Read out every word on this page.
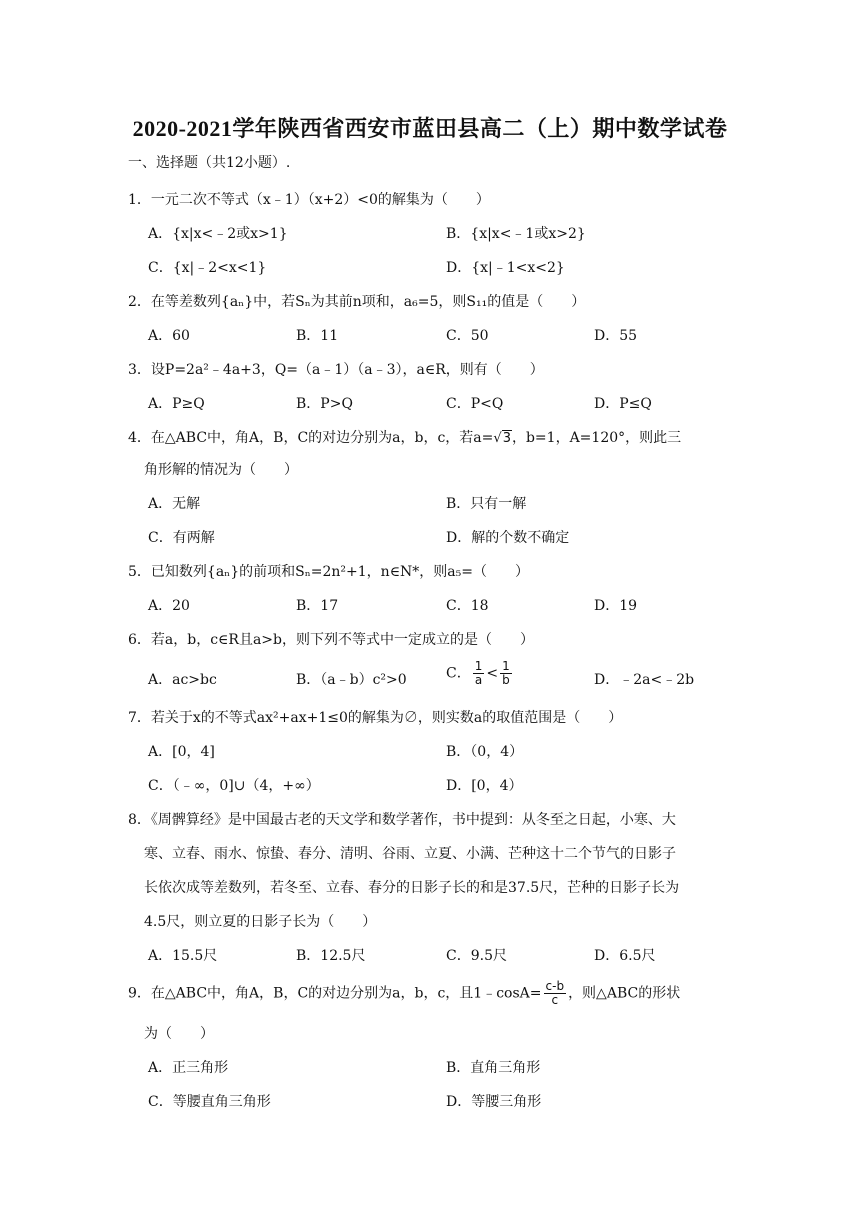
2020-2021学年陕西省西安市蓝田县高二（上）期中数学试卷
一、选择题（共12小题）.
1．一元二次不等式（x﹣1）（x+2）<0的解集为（　　）
A．{x|x<﹣2或x>1}	B．{x|x<﹣1或x>2}
C．{x|﹣2<x<1}	D．{x|﹣1<x<2}
2．在等差数列{aₙ}中，若Sₙ为其前n项和，a₆=5，则S₁₁的值是（　　）
A．60	B．11	C．50	D．55
3．设P=2a²﹣4a+3，Q=（a﹣1）（a﹣3），a∈R，则有（　　）
A．P≥Q	B．P>Q	C．P<Q	D．P≤Q
4．在△ABC中，角A，B，C的对边分别为a，b，c，若a=√3，b=1，A=120°，则此三
角形解的情况为（　　）
A．无解	B．只有一解
C．有两解	D．解的个数不确定
5．已知数列{aₙ}的前项和Sₙ=2n²+1，n∈N*，则a₅=（　　）
A．20	B．17	C．18	D．19
6．若a，b，c∈R且a>b，则下列不等式中一定成立的是（　　）
A．ac>bc	B．（a﹣b）c²>0	C． $\frac{1}{a} < \frac{1}{b}$	D．﹣2a<﹣2b
7．若关于x的不等式ax²+ax+1≤0的解集为∅，则实数a的取值范围是（　　）
A．[0，4]	B．（0，4）
C．（﹣∞，0]∪（4，+∞）	D．[0，4）
8．《周髀算经》是中国最古老的天文学和数学著作，书中提到：从冬至之日起，小寒、大
寒、立春、雨水、惊蛰、春分、清明、谷雨、立夏、小满、芒种这十二个节气的日影子
长依次成等差数列，若冬至、立春、春分的日影子长的和是37.5尺，芒种的日影子长为
4.5尺，则立夏的日影子长为（　　）
A．15.5尺	B．12.5尺	C．9.5尺	D．6.5尺
9．在△ABC中，角A，B，C的对边分别为a，b，c，且1﹣cosA= $\frac{c-b}{c}$ ，则△ABC的形状
为（　　）
A．正三角形	B．直角三角形
C．等腰直角三角形	D．等腰三角形
